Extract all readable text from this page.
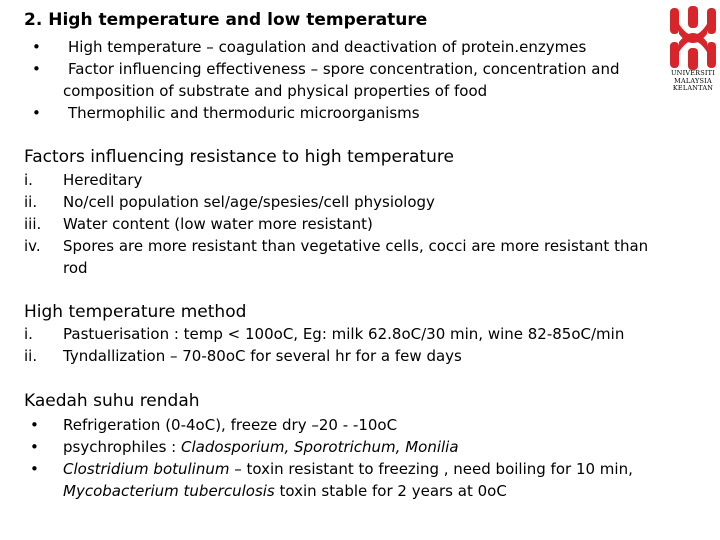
2. High temperature and low temperature
UNIVERSITI
MALAYSIA
KELANTAN
• High temperature – coagulation and deactivation of protein.enzymes
• Factor influencing effectiveness – spore concentration, concentration and
composition of substrate and physical properties of food
• Thermophilic and thermoduric microorganisms
Factors influencing resistance to high temperature
i. Hereditary
ii. No/cell population sel/age/spesies/cell physiology
iii. Water content (low water more resistant)
iv. Spores are more resistant than vegetative cells, cocci are more resistant than
rod
High temperature method
i. Pastuerisation : temp < 100oC, Eg: milk 62.8oC/30 min, wine 82-85oC/min
ii. Tyndallization – 70-80oC for several hr for a few days
Kaedah suhu rendah
• Refrigeration (0-4oC), freeze dry –20 - -10oC
• psychrophiles : Cladosporium, Sporotrichum, Monilia
• Clostridium botulinum – toxin resistant to freezing , need boiling for 10 min,
Mycobacterium tuberculosis toxin stable for 2 years at 0oC
